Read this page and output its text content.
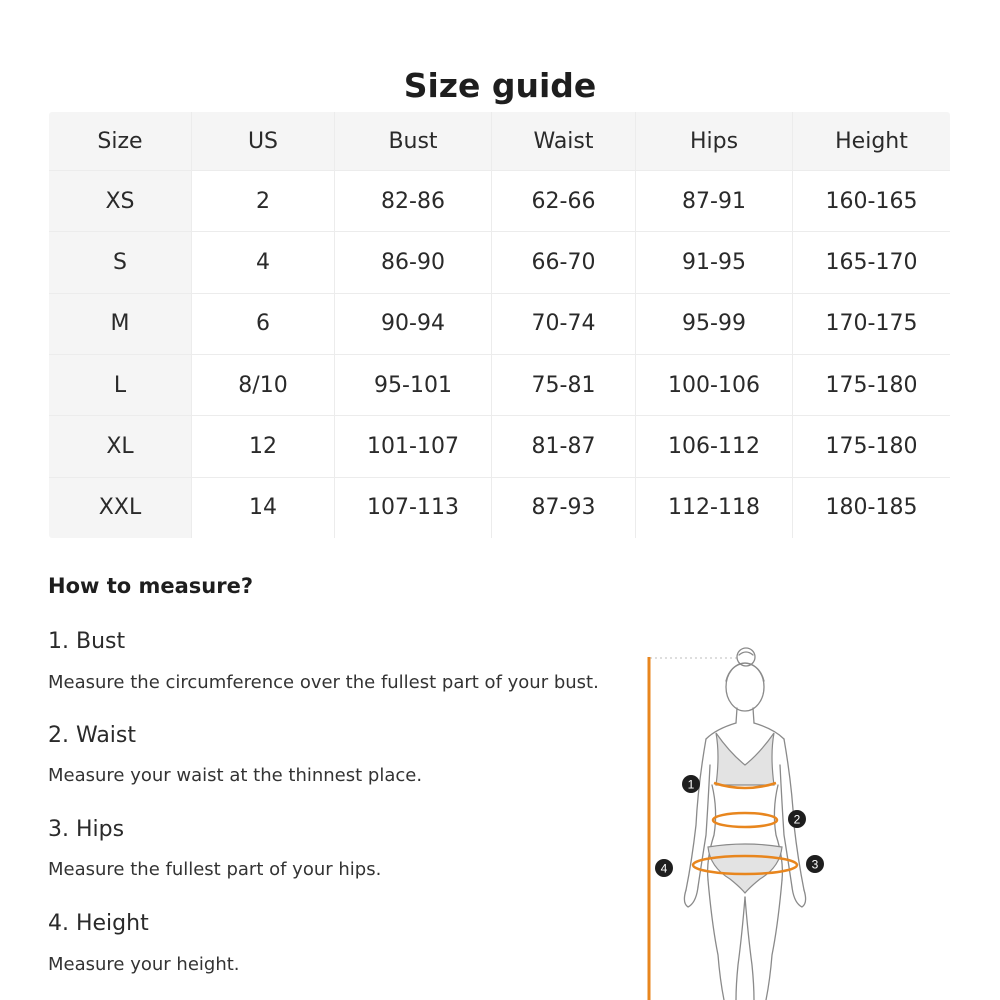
Size guide
Size	US	Bust	Waist	Hips	Height
XS	2	82-86	62-66	87-91	160-165
S	4	86-90	66-70	91-95	165-170
M	6	90-94	70-74	95-99	170-175
L	8/10	95-101	75-81	100-106	175-180
XL	12	101-107	81-87	106-112	175-180
XXL	14	107-113	87-93	112-118	180-185
How to measure?
1. Bust
Measure the circumference over the fullest part of your bust.
2. Waist
Measure your waist at the thinnest place.
3. Hips
Measure the fullest part of your hips.
4. Height
Measure your height.
1
2
3
4
